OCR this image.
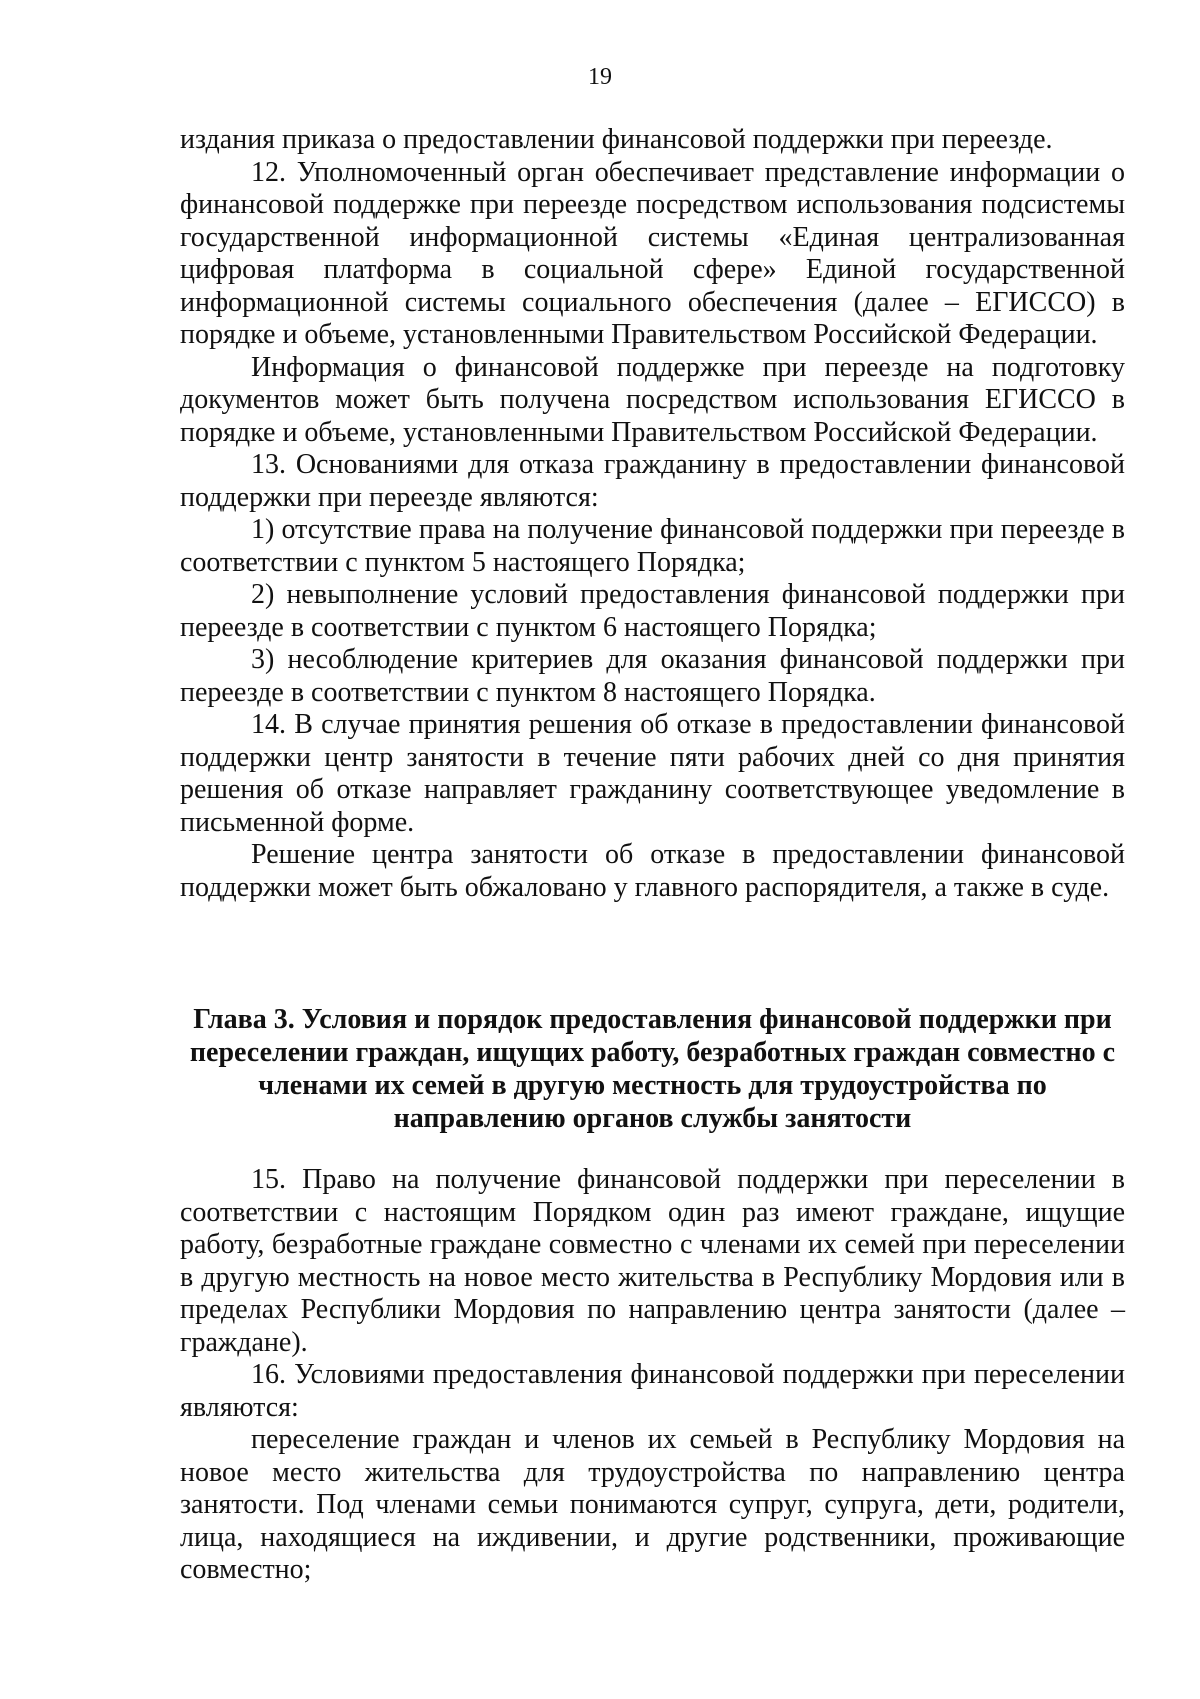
19

издания приказа о предоставлении финансовой поддержки при переезде.

12. Уполномоченный орган обеспечивает представление информации о финансовой поддержке при переезде посредством использования подсистемы государственной информационной системы «Единая централизованная цифровая платформа в социальной сфере» Единой государственной информационной системы социального обеспечения (далее – ЕГИССО) в порядке и объеме, установленными Правительством Российской Федерации.

Информация о финансовой поддержке при переезде на подготовку документов может быть получена посредством использования ЕГИССО в порядке и объеме, установленными Правительством Российской Федерации.

13. Основаниями для отказа гражданину в предоставлении финансовой поддержки при переезде являются:

1) отсутствие права на получение финансовой поддержки при переезде в соответствии с пунктом 5 настоящего Порядка;

2) невыполнение условий предоставления финансовой поддержки при переезде в соответствии с пунктом 6 настоящего Порядка;

3) несоблюдение критериев для оказания финансовой поддержки при переезде в соответствии с пунктом 8 настоящего Порядка.

14. В случае принятия решения об отказе в предоставлении финансовой поддержки центр занятости в течение пяти рабочих дней со дня принятия решения об отказе направляет гражданину соответствующее уведомление в письменной форме.

Решение центра занятости об отказе в предоставлении финансовой поддержки может быть обжаловано у главного распорядителя, а также в суде.

Глава 3. Условия и порядок предоставления финансовой поддержки при переселении граждан, ищущих работу, безработных граждан совместно с членами их семей в другую местность для трудоустройства по направлению органов службы занятости

15. Право на получение финансовой поддержки при переселении в соответствии с настоящим Порядком один раз имеют граждане, ищущие работу, безработные граждане совместно с членами их семей при переселении в другую местность на новое место жительства в Республику Мордовия или в пределах Республики Мордовия по направлению центра занятости (далее – граждане).

16. Условиями предоставления финансовой поддержки при переселении являются:

переселение граждан и членов их семьей в Республику Мордовия на новое место жительства для трудоустройства по направлению центра занятости. Под членами семьи понимаются супруг, супруга, дети, родители, лица, находящиеся на иждивении, и другие родственники, проживающие совместно;
